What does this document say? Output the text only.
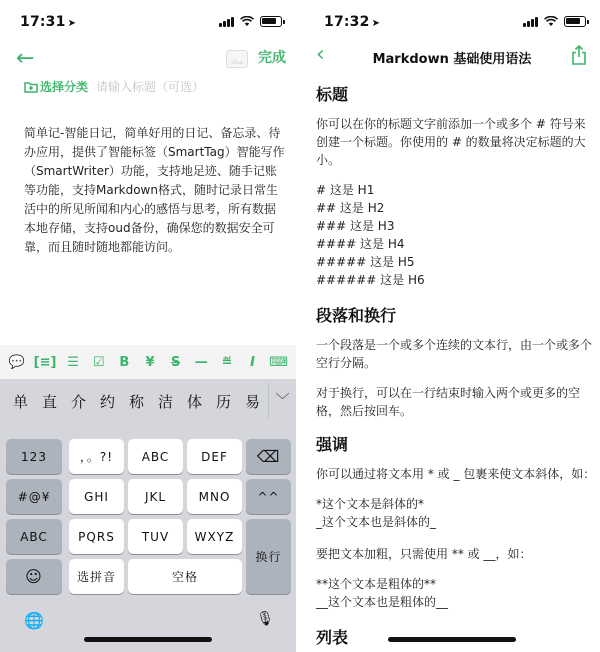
17:31 ➤
←	完成
选择分类 请输入标题（可选）
简单记-智能日记，简单好用的日记、备忘录、待办应用，提供了智能标签（SmartTag）智能写作（SmartWriter）功能，支持地足迹、随手记账等功能，支持Markdown格式，随时记录日常生活中的所见所闻和内心的感悟与思考，所有数据本地存储，支持oud备份，确保您的数据安全可靠，而且随时随地都能访问。
💬 [≡] ☰ ☑	B	¥	S	— ≝	I	⌨
单 直 介 约 称 洁 体 历 易	﹀
123	，。?!	ABC	DEF	⌫
#@¥	GHI	JKL	MNO	^^
ABC	PQRS	TUV	WXYZ
换行
☺	选拼音	空格
🌐	🎙
17:32 ➤
‹	Markdown 基础使用语法
标题
你可以在你的标题文字前添加一个或多个 # 符号来创建一个标题。你使用的 # 的数量将决定标题的大小。
# 这是 H1
## 这是 H2
### 这是 H3
#### 这是 H4
##### 这是 H5
###### 这是 H6
段落和换行
一个段落是一个或多个连续的文本行，由一个或多个空行分隔。
对于换行，可以在一行结束时输入两个或更多的空格，然后按回车。
强调
你可以通过将文本用 * 或 _ 包裹来使文本斜体，如：
*这个文本是斜体的*
_这个文本也是斜体的_
要把文本加粗，只需使用 ** 或 __，如：
**这个文本是粗体的**
__这个文本也是粗体的__
列表
